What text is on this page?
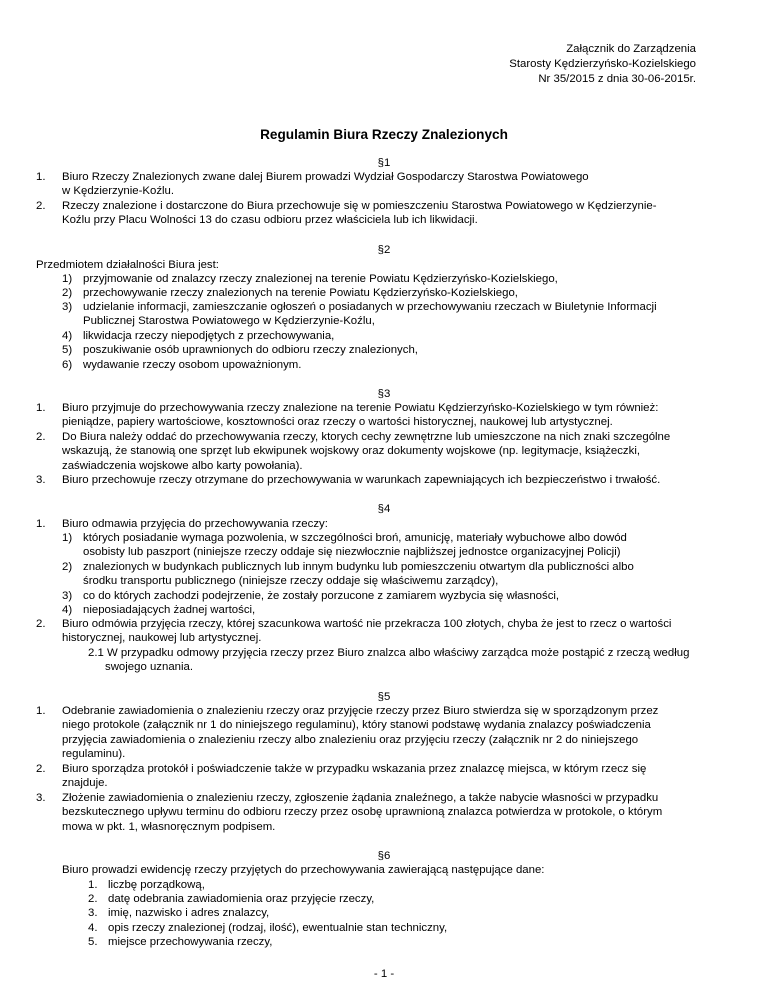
Załącznik do Zarządzenia
Starosty Kędzierzyńsko-Kozielskiego
Nr 35/2015 z dnia 30-06-2015r.
Regulamin Biura Rzeczy Znalezionych
§1
1. Biuro Rzeczy Znalezionych zwane dalej Biurem prowadzi Wydział Gospodarczy Starostwa Powiatowego
w Kędzierzynie-Koźlu.
2. Rzeczy znalezione i dostarczone do Biura przechowuje się w pomieszczeniu Starostwa Powiatowego w Kędzierzynie-
Koźlu przy Placu Wolności 13 do czasu odbioru przez właściciela lub ich likwidacji.
§2
Przedmiotem działalności Biura jest:
1) przyjmowanie od znalazcy rzeczy znalezionej na terenie Powiatu Kędzierzyńsko-Kozielskiego,
2) przechowywanie rzeczy znalezionych na terenie Powiatu Kędzierzyńsko-Kozielskiego,
3) udzielanie informacji, zamieszczanie ogłoszeń o posiadanych w przechowywaniu rzeczach w Biuletynie Informacji
Publicznej Starostwa Powiatowego w Kędzierzynie-Koźlu,
4) likwidacja rzeczy niepodjętych z przechowywania,
5) poszukiwanie osób uprawnionych do odbioru rzeczy znalezionych,
6) wydawanie rzeczy osobom upoważnionym.
§3
1. Biuro przyjmuje do przechowywania rzeczy znalezione na terenie Powiatu Kędzierzyńsko-Kozielskiego w tym również:
pieniądze, papiery wartościowe, kosztowności oraz rzeczy o wartości historycznej, naukowej lub artystycznej.
2. Do Biura należy oddać do przechowywania rzeczy, ktorych cechy zewnętrzne lub umieszczone na nich znaki szczególne
wskazują, że stanowią one sprzęt lub ekwipunek wojskowy oraz dokumenty wojskowe (np. legitymacje, książeczki,
zaświadczenia wojskowe albo karty powołania).
3. Biuro przechowuje rzeczy otrzymane do przechowywania w warunkach zapewniających ich bezpieczeństwo i trwałość.
§4
1. Biuro odmawia przyjęcia do przechowywania rzeczy:
1) których posiadanie wymaga pozwolenia, w szczególności broń, amunicję, materiały wybuchowe albo dowód
osobisty lub paszport (niniejsze rzeczy oddaje się niezwłocznie najbliższej jednostce organizacyjnej Policji)
2) znalezionych w budynkach publicznych lub innym budynku lub pomieszczeniu otwartym dla publiczności albo
środku transportu publicznego (niniejsze rzeczy oddaje się właściwemu zarządcy),
3) co do których zachodzi podejrzenie, że zostały porzucone z zamiarem wyzbycia się własności,
4) nieposiadających żadnej wartości,
2. Biuro odmówia przyjęcia rzeczy, której szacunkowa wartość nie przekracza 100 złotych, chyba że jest to rzecz o wartości
historycznej, naukowej lub artystycznej.
2.1 W przypadku odmowy przyjęcia rzeczy przez Biuro znalzca albo właściwy zarządca może postąpić z rzeczą według
swojego uznania.
§5
1. Odebranie zawiadomienia o znalezieniu rzeczy oraz przyjęcie rzeczy przez Biuro stwierdza się w sporządzonym przez
niego protokole (załącznik nr 1 do niniejszego regulaminu), który stanowi podstawę wydania znalazcy poświadczenia
przyjęcia zawiadomienia o znalezieniu rzeczy albo znalezieniu oraz przyjęciu rzeczy (załącznik nr 2 do niniejszego
regulaminu).
2. Biuro sporządza protokół i poświadczenie także w przypadku wskazania przez znalazcę miejsca, w którym rzecz się
znajduje.
3. Złożenie zawiadomienia o znalezieniu rzeczy, zgłoszenie żądania znaleźnego, a także nabycie własności w przypadku
bezskutecznego upływu terminu do odbioru rzeczy przez osobę uprawnioną znalazca potwierdza w protokole, o którym
mowa w pkt. 1, własnoręcznym podpisem.
§6
Biuro prowadzi ewidencję rzeczy przyjętych do przechowywania zawierającą następujące dane:
1. liczbę porządkową,
2. datę odebrania zawiadomienia oraz przyjęcie rzeczy,
3. imię, nazwisko i adres znalazcy,
4. opis rzeczy znalezionej (rodzaj, ilość), ewentualnie stan techniczny,
5. miejsce przechowywania rzeczy,
- 1 -
